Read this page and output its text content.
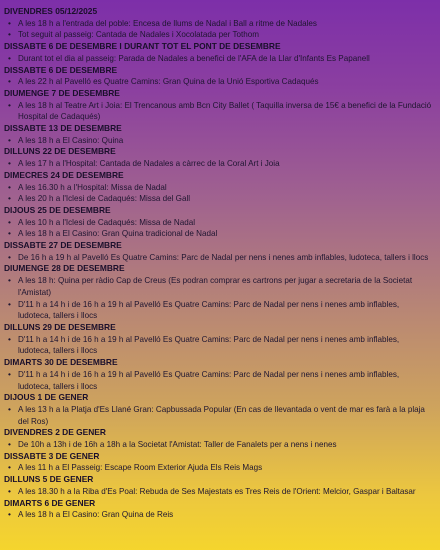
DIVENDRES 05/12/2025
• A les 18 h a l'entrada del poble: Encesa de llums de Nadal i Ball a ritme de Nadales
• Tot seguit al passeig: Cantada de Nadales i Xocolatada per Tothom
DISSABTE 6 DE DESEMBRE I DURANT TOT EL PONT DE DESEMBRE
• Durant tot el dia al passeig: Parada de Nadales a benefici de l'AFA de la Llar d'Infants Es Papanell
DISSABTE 6 DE DESEMBRE
• A les 22 h al Pavelló es Quatre Camins: Gran Quina de la Unió Esportiva Cadaqués
DIUMENGE 7 DE DESEMBRE
• A les 18 h al Teatre Art i Joia: El Trencanous amb Bcn City Ballet ( Taquilla inversa de 15€ a benefici de la Fundació Hospital de Cadaqués)
DISSABTE 13 DE DESEMBRE
• A les 18 h a El Casino: Quina
DILLUNS 22 DE DESEMBRE
• A les 17 h a l'Hospital: Cantada de Nadales a càrrec de la Coral Art i Joia
DIMECRES 24 DE DESEMBRE
• A les 16.30 h a l'Hospital: Missa de Nadal
• A les 20 h a l'Iclesi de Cadaqués: Missa del Gall
DIJOUS 25 DE DESEMBRE
• A les 10 h a l'Iclesi de Cadaqués: Missa de Nadal
• A les 18 h a El Casino: Gran Quina tradicional de Nadal
DISSABTE 27 DE DESEMBRE
• De 16 h a 19 h al Pavelló Es Quatre Camins: Parc de Nadal per nens i nenes amb inflables, ludoteca, tallers i llocs
DIUMENGE 28 DE DESEMBRE
• A les 18 h: Quina per ràdio Cap de Creus (Es podran comprar es cartrons per jugar a secretaria de la Societat l'Amistat)
• D'11 h a 14 h i de 16 h a 19 h al Pavelló Es Quatre Camins: Parc de Nadal per nens i nenes amb inflables, ludoteca, tallers i llocs
DILLUNS 29 DE DESEMBRE
• D'11 h a 14 h i de 16 h a 19 h al Pavelló Es Quatre Camins: Parc de Nadal per nens i nenes amb inflables, ludoteca, tallers i llocs
DIMARTS 30 DE DESEMBRE
• D'11 h a 14 h i de 16 h a 19 h al Pavelló Es Quatre Camins: Parc de Nadal per nens i nenes amb inflables, ludoteca, tallers i llocs
DIJOUS 1 DE GENER
• A les 13 h a la Platja d'Es Llané Gran: Capbussada Popular (En cas de llevantada o vent de mar es farà a la plaja del Ros)
DIVENDRES 2 DE GENER
• De 10h a 13h i de 16h a 18h a la Societat l'Amistat: Taller de Fanalets per a nens i nenes
DISSABTE 3 DE GENER
• A les 11 h a El Passeig: Escape Room Exterior Ajuda Els Reis Mags
DILLUNS 5 DE GENER
• A les 18.30 h a la Riba d'Es Poal: Rebuda de Ses Majestats es Tres Reis de l'Orient: Melcior, Gaspar i Baltasar
DIMARTS 6 DE GENER
• A les 18 h a El Casino: Gran Quina de Reis
